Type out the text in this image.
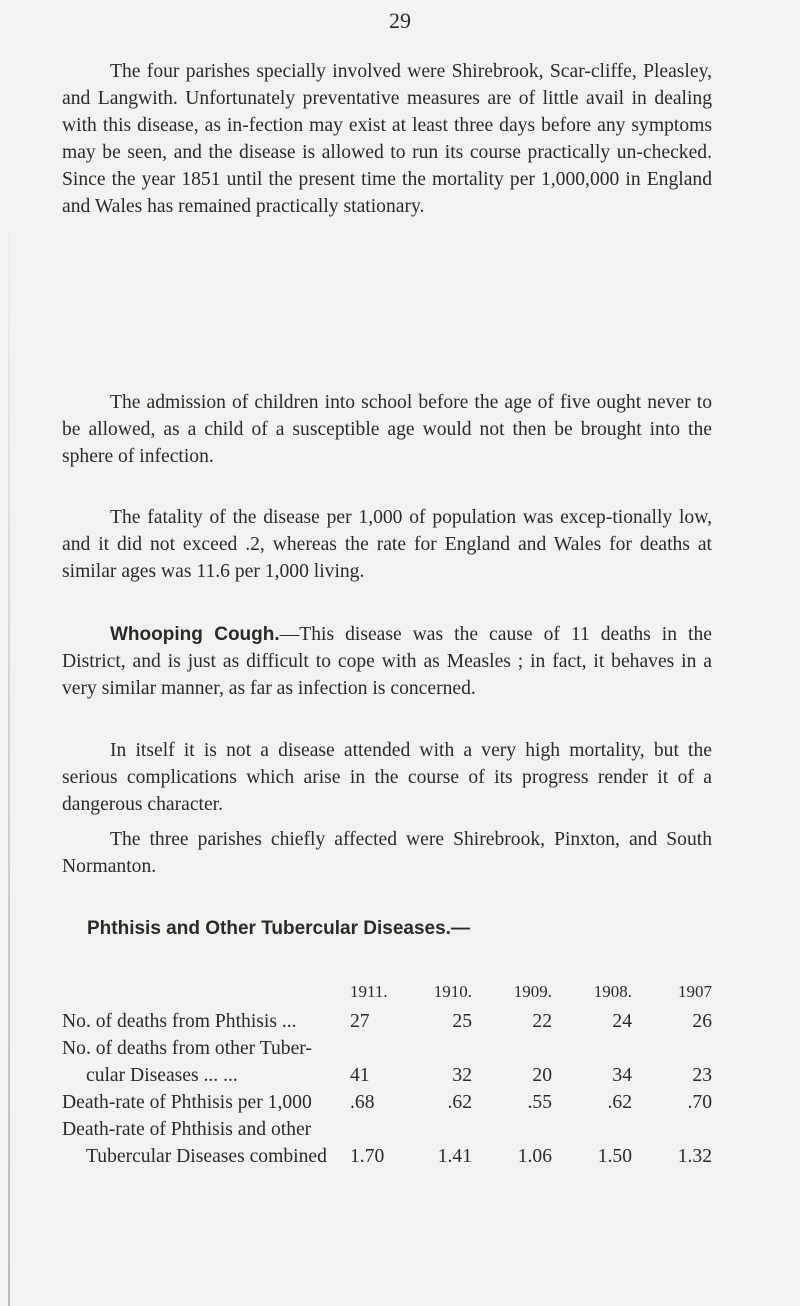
29

The four parishes specially involved were Shirebrook, Scar-cliffe, Pleasley, and Langwith. Unfortunately preventative measures are of little avail in dealing with this disease, as in-fection may exist at least three days before any symptoms may be seen, and the disease is allowed to run its course practically un-checked. Since the year 1851 until the present time the mortality per 1,000,000 in England and Wales has remained practically stationary.

The admission of children into school before the age of five ought never to be allowed, as a child of a susceptible age would not then be brought into the sphere of infection.

The fatality of the disease per 1,000 of population was excep-tionally low, and it did not exceed .2, whereas the rate for England and Wales for deaths at similar ages was 11.6 per 1,000 living.

Whooping Cough.—This disease was the cause of 11 deaths in the District, and is just as difficult to cope with as Measles ; in fact, it behaves in a very similar manner, as far as infection is concerned.

In itself it is not a disease attended with a very high mortality, but the serious complications which arise in the course of its progress render it of a dangerous character.

The three parishes chiefly affected were Shirebrook, Pinxton, and South Normanton.

Phthisis and Other Tubercular Diseases.—
	1911.	1910.	1909.	1908.	1907
No. of deaths from Phthisis ...	27	25	22	24	26
No. of deaths from other Tuber-					
cular Diseases ... ...	41	32	20	34	23
Death-rate of Phthisis per 1,000	.68	.62	.55	.62	.70
Death-rate of Phthisis and other					
Tubercular Diseases combined	1.70	1.41	1.06	1.50	1.32
